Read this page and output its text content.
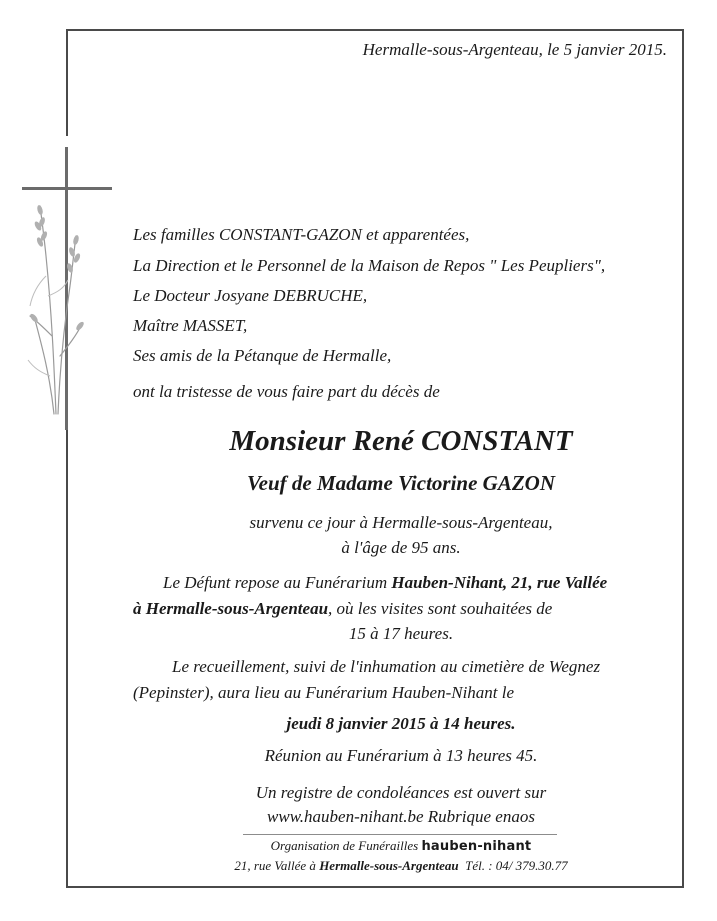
Hermalle-sous-Argenteau, le 5 janvier 2015.
Les familles CONSTANT-GAZON et apparentées,
La Direction et le Personnel de la Maison de Repos " Les Peupliers",
Le Docteur Josyane DEBRUCHE,
Maître MASSET,
Ses amis de la Pétanque de Hermalle,
ont la tristesse de vous faire part du décès de
Monsieur René CONSTANT
Veuf de Madame Victorine GAZON
survenu ce jour à Hermalle-sous-Argenteau,
à l'âge de 95 ans.
Le Défunt repose au Funérarium Hauben-Nihant, 21, rue Vallée
à Hermalle-sous-Argenteau, où les visites sont souhaitées de
15 à 17 heures.
Le recueillement, suivi de l'inhumation au cimetière de Wegnez
(Pepinster), aura lieu au Funérarium Hauben-Nihant le
jeudi 8 janvier 2015 à 14 heures.
Réunion au Funérarium à 13 heures 45.
Un registre de condoléances est ouvert sur
www.hauben-nihant.be Rubrique enaos
Organisation de Funérailles hauben-nihant
21, rue Vallée à Hermalle-sous-Argenteau Tél. : 04/ 379.30.77
